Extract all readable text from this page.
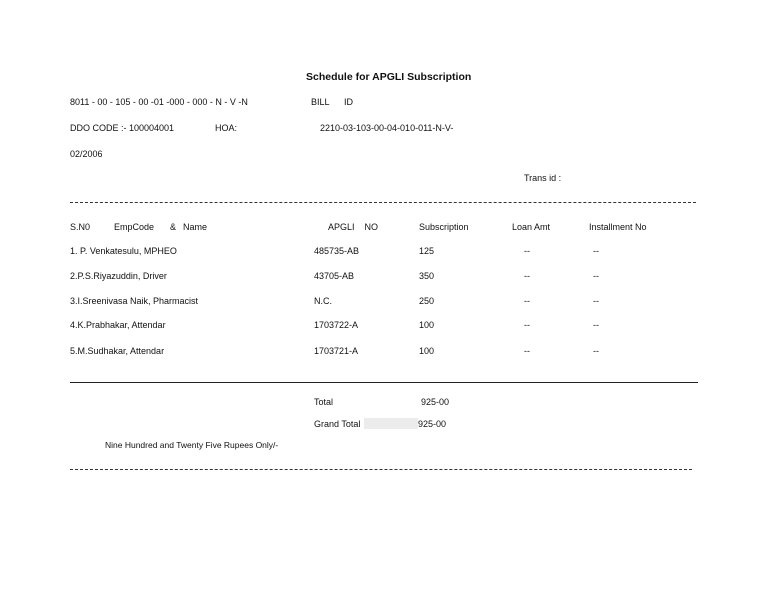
Schedule for APGLI Subscription
8011 - 00 - 105 - 00 -01 -000 - 000 - N - V -N	BILL ID
DDO CODE :- 100004001	HOA:	2210-03-103-00-04-010-011-N-V-
02/2006
Trans id :
S.N0	EmpCode & Name	APGLI    NO	Subscription	Loan Amt	Installment No
1. P. Venkatesulu, MPHEO	485735-AB	125	--	--
2.P.S.Riyazuddin, Driver	43705-AB	350	--	--
3.I.Sreenivasa Naik, Pharmacist	N.C.	250	--	--
4.K.Prabhakar, Attendar	1703722-A	100	--	--
5.M.Sudhakar, Attendar	1703721-A	100	--	--
Total	925-00
Grand Total	925-00
Nine Hundred and Twenty Five Rupees Only/-
